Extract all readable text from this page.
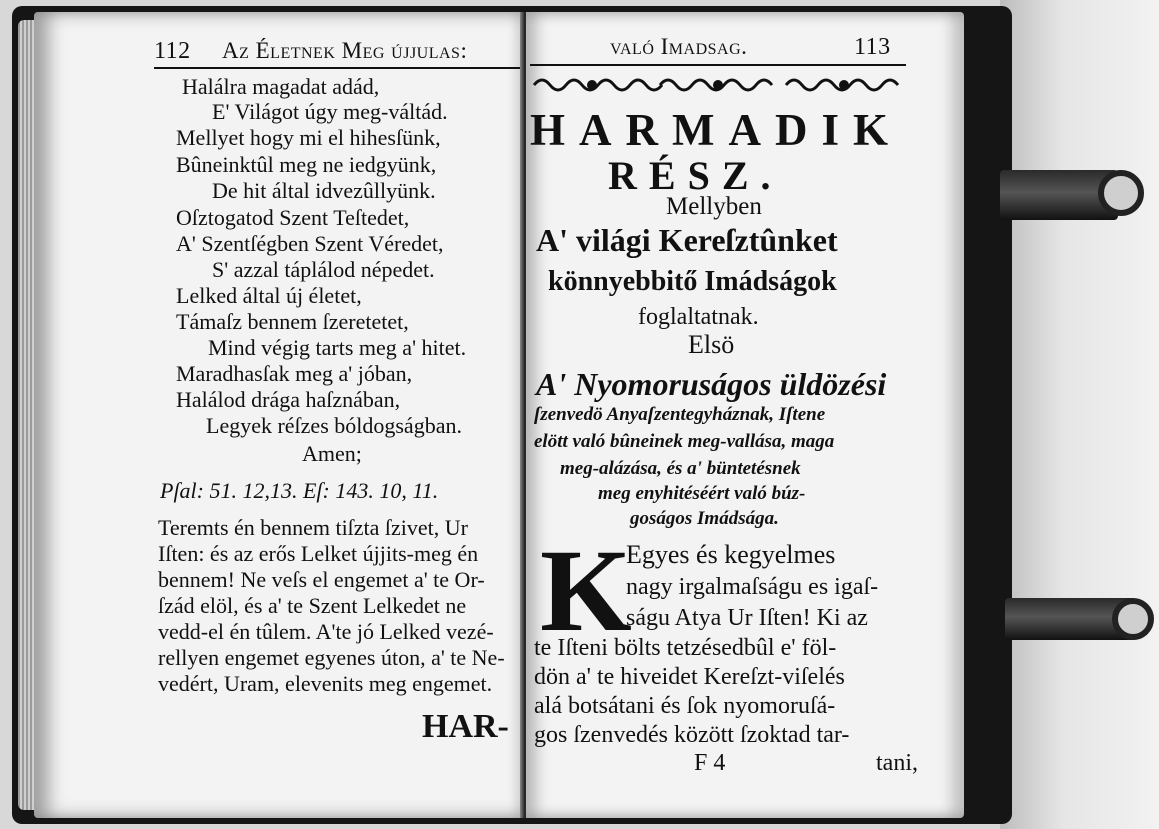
112 Az Életnek Meg újjulas:
Halálra magadat adád,
E' Világot úgy meg-váltád.
Mellyet hogy mi el hihesſünk,
Bûneinktûl meg ne iedgyünk,
De hit által idvezûllyünk.
Oſztogatod Szent Teſtedet,
A' Szentſégben Szent Véredet,
S' azzal táplálod népedet.
Lelked által új életet,
Támaſz bennem ſzeretetet,
Mind végig tarts meg a' hitet.
Maradhasſak meg a' jóban,
Halálod drága haſznában,
Legyek réſzes bóldogságban.
Amen;
Pſal: 51. 12,13. Eſ: 143. 10, 11.
Teremts én bennem tiſzta ſzivet, Ur
Iſten: és az erős Lelket újjits-meg én
bennem! Ne veſs el engemet a' te Or-
ſzád elöl, és a' te Szent Lelkedet ne
vedd-el én tûlem. A'te jó Lelked vezé-
rellyen engemet egyenes úton, a' te Ne-
vedért, Uram, elevenits meg engemet.
HAR-
való Imadsag.	113
HARMADIK
RÉSZ.
Mellyben
A' világi Kereſztûnket
könnyebbitő Imádságok
foglaltatnak.
Elsö
A' Nyomoruságos üldözési
ſzenvedö Anyaſzentegyháznak, Iſtene
elött való bûneinek meg-vallása, maga
meg-alázása, és a' büntetésnek
meg enyhitéséért való búz-
goságos Imádsága.
K
Egyes és kegyelmes
nagy irgalmaſságu es igaſ-
ságu Atya Ur Iſten! Ki az
te Iſteni bölts tetzésedbûl e' föl-
dön a' te hiveidet Kereſzt-viſelés
alá botsátani és ſok nyomoruſá-
gos ſzenvedés között ſzoktad tar-
F 4	tani,
